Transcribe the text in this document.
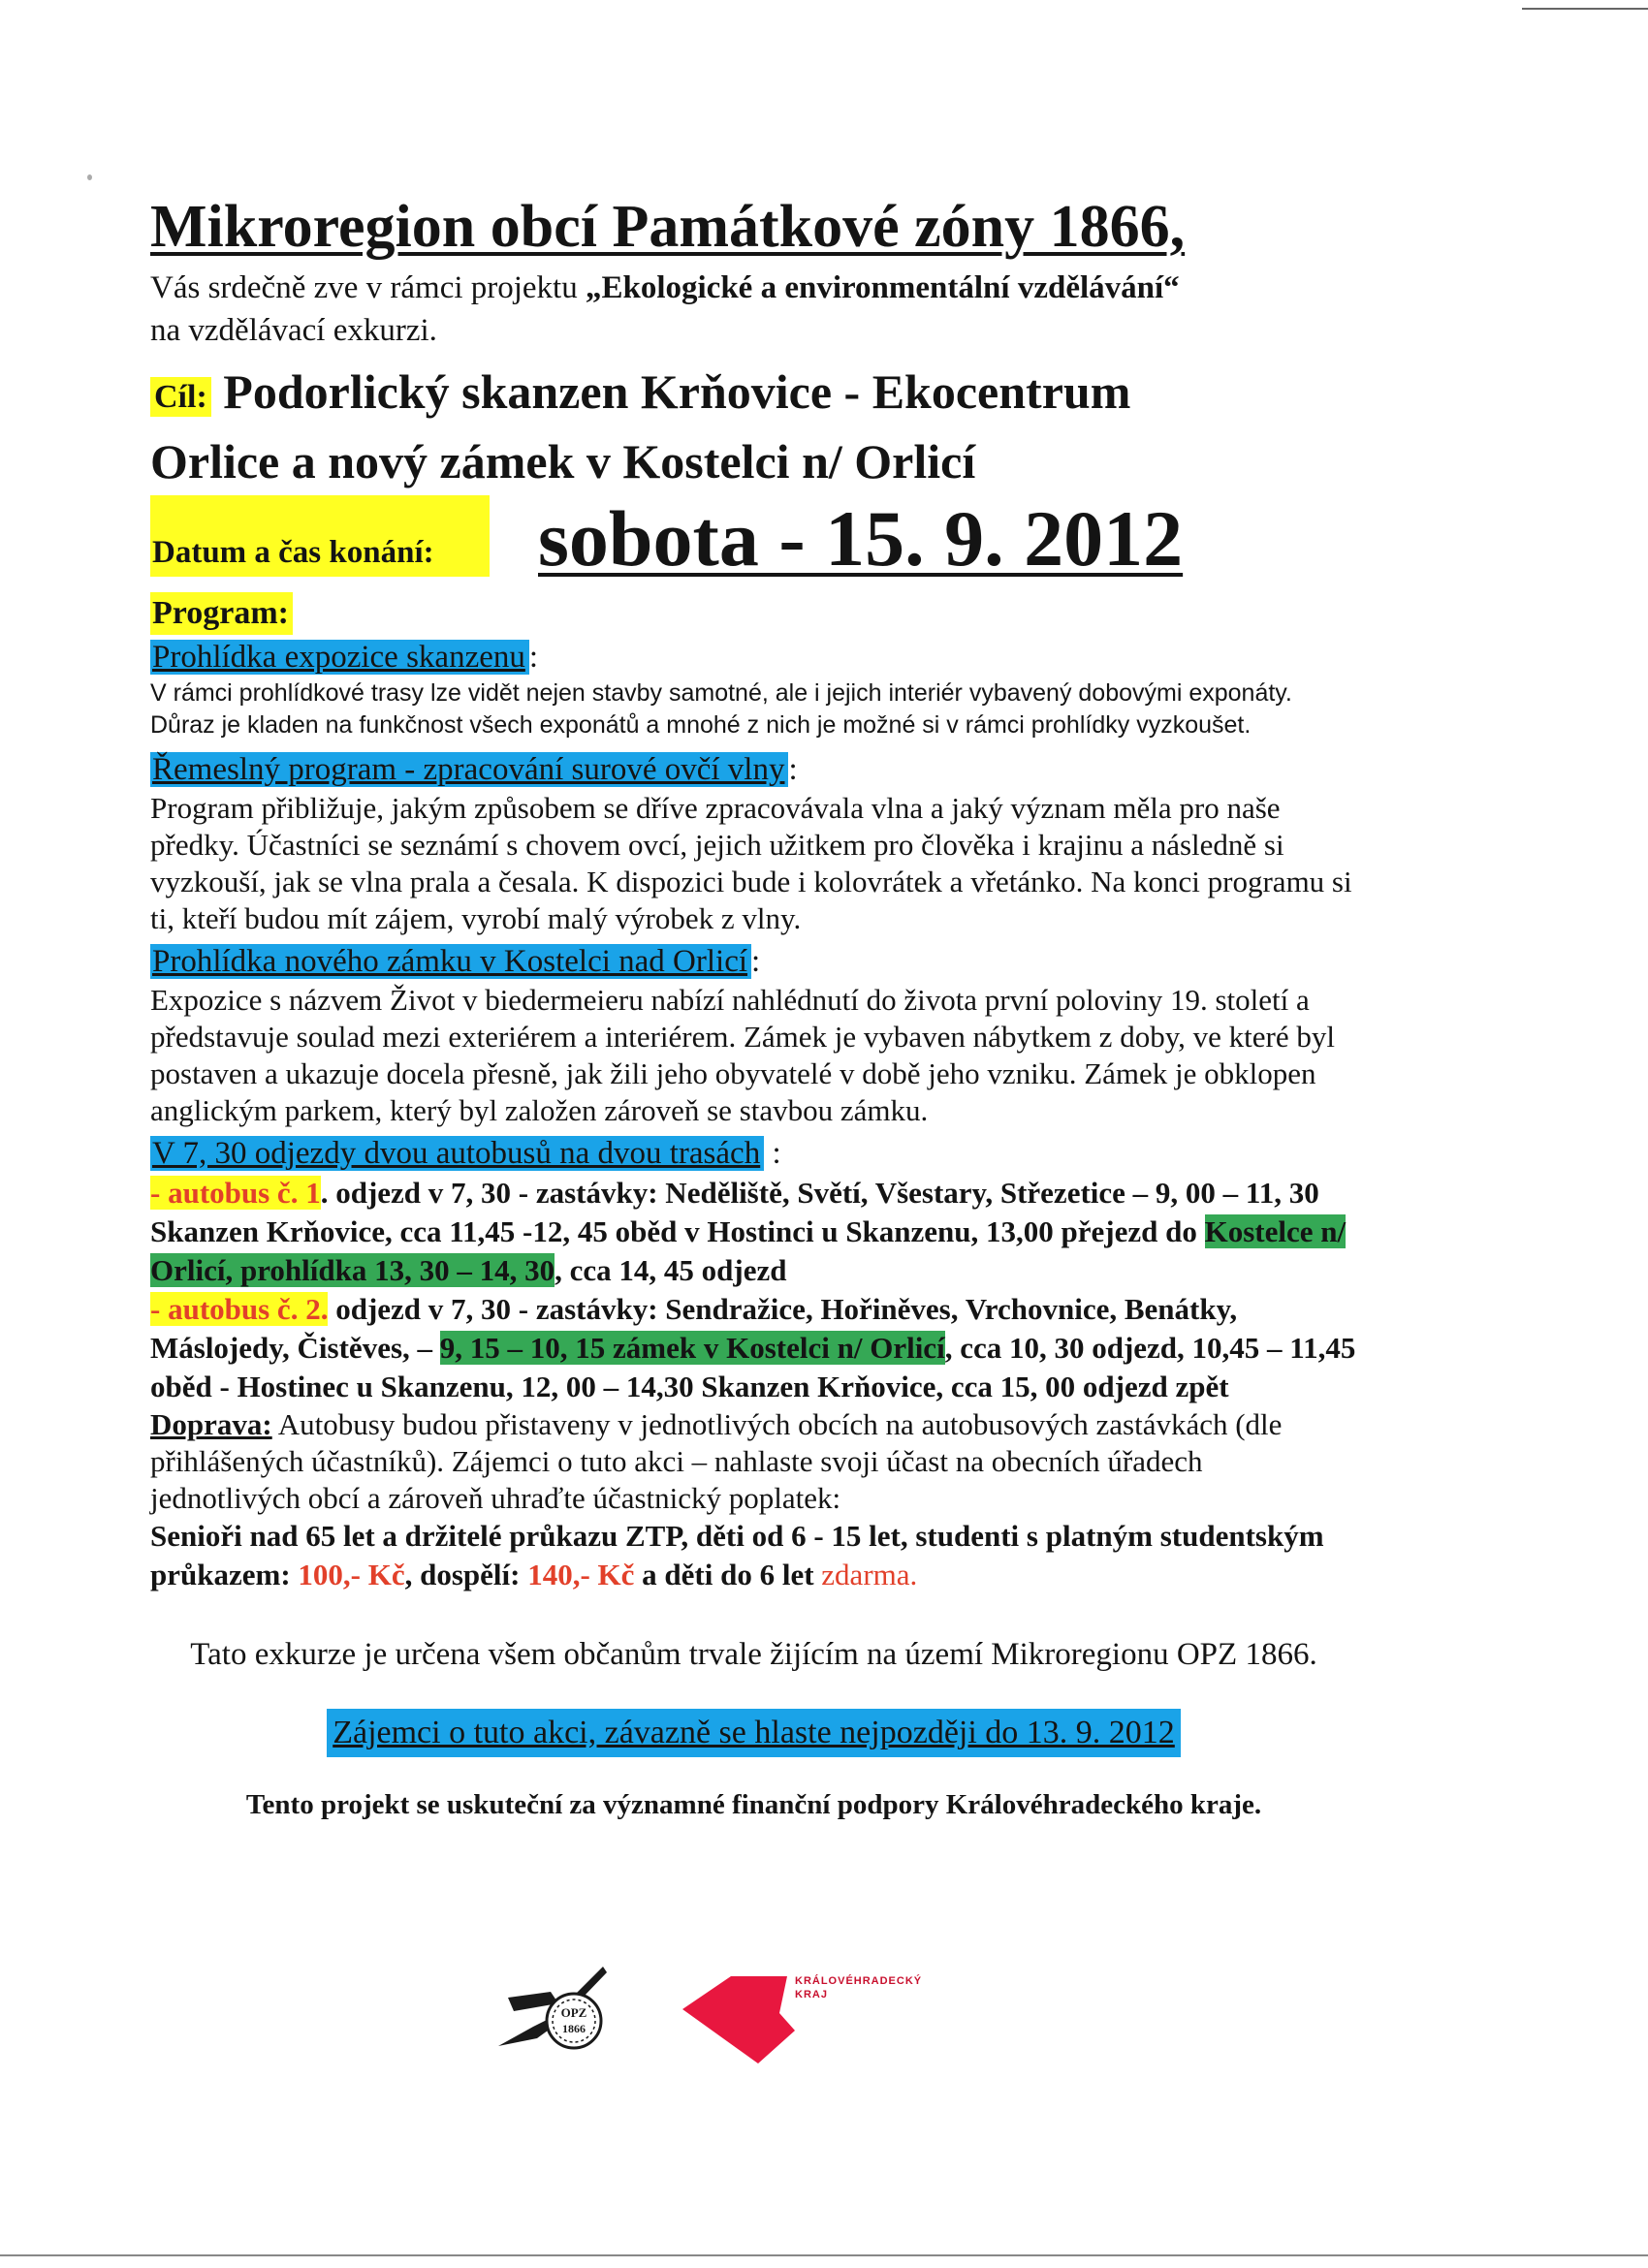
Mikroregion obcí Památkové zóny 1866,
Vás srdečně zve v rámci projektu „Ekologické a environmentální vzdělávání“
na vzdělávací exkurzi.
Cíl: Podorlický skanzen Krňovice - Ekocentrum
Orlice a nový zámek v Kostelci n/ Orlicí
Datum a čas konání:	sobota - 15. 9. 2012
Program:
Prohlídka expozice skanzenu :
V rámci prohlídkové trasy lze vidět nejen stavby samotné, ale i jejich interiér vybavený dobovými exponáty. Důraz je kladen na funkčnost všech exponátů a mnohé z nich je možné si v rámci prohlídky vyzkoušet.
Řemeslný program - zpracování surové ovčí vlny :
Program přibližuje, jakým způsobem se dříve zpracovávala vlna a jaký význam měla pro naše předky. Účastníci se seznámí s chovem ovcí, jejich užitkem pro člověka i krajinu a následně si vyzkouší, jak se vlna prala a česala. K dispozici bude i kolovrátek a vřetánko. Na konci programu si ti, kteří budou mít zájem, vyrobí malý výrobek z vlny.
Prohlídka nového zámku v Kostelci nad Orlicí :
Expozice s názvem Život v biedermeieru nabízí nahlédnutí do života první poloviny 19. století a představuje soulad mezi exteriérem a interiérem. Zámek je vybaven nábytkem z doby, ve které byl postaven a ukazuje docela přesně, jak žili jeho obyvatelé v době jeho vzniku. Zámek je obklopen anglickým parkem, který byl založen zároveň se stavbou zámku.
V 7, 30 odjezdy dvou autobusů na dvou trasách :
- autobus č. 1. odjezd v 7, 30 - zastávky: Neděliště, Světí, Všestary, Střezetice – 9, 00 – 11, 30 Skanzen Krňovice, cca 11,45 -12, 45 oběd v Hostinci u Skanzenu, 13,00 přejezd do Kostelce n/ Orlicí, prohlídka 13, 30 – 14, 30, cca 14, 45 odjezd
- autobus č. 2. odjezd v 7, 30 - zastávky: Sendražice, Hořiněves, Vrchovnice, Benátky, Máslojedy, Čistěves, – 9, 15 – 10, 15 zámek v Kostelci n/ Orlicí, cca 10, 30 odjezd, 10,45 – 11,45 oběd - Hostinec u Skanzenu, 12, 00 – 14,30 Skanzen Krňovice, cca 15, 00 odjezd zpět
Doprava: Autobusy budou přistaveny v jednotlivých obcích na autobusových zastávkách (dle přihlášených účastníků). Zájemci o tuto akci – nahlaste svoji účast na obecních úřadech jednotlivých obcí a zároveň uhraďte účastnický poplatek:
Senioři nad 65 let a držitelé průkazu ZTP, děti od 6 - 15 let, studenti s platným studentským průkazem: 100,- Kč, dospělí: 140,- Kč a děti do 6 let zdarma.
Tato exkurze je určena všem občanům trvale žijícím na území Mikroregionu OPZ 1866.
Zájemci o tuto akci, závazně se hlaste nejpozději do 13. 9. 2012
Tento projekt se uskuteční za významné finanční podpory Královéhradeckého kraje.
OPZ
1866
KRÁLOVÉHRADECKÝ
KRAJ
